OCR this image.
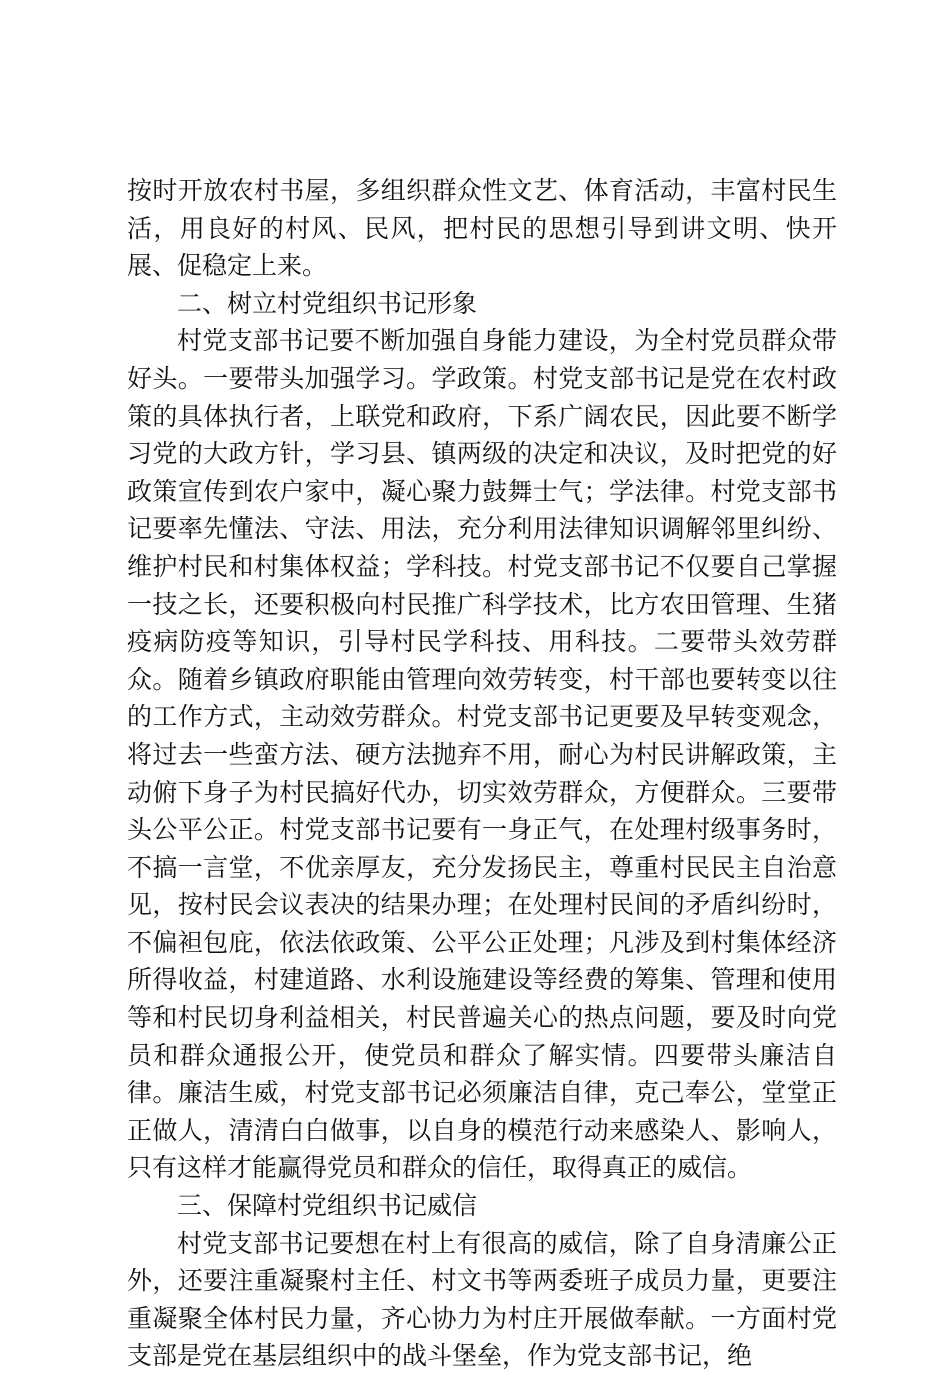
按时开放农村书屋，多组织群众性文艺、体育活动，丰富村民生活，用良好的村风、民风，把村民的思想引导到讲文明、快开展、促稳定上来。

二、树立村党组织书记形象

村党支部书记要不断加强自身能力建设，为全村党员群众带好头。一要带头加强学习。学政策。村党支部书记是党在农村政策的具体执行者，上联党和政府，下系广阔农民，因此要不断学习党的大政方针，学习县、镇两级的决定和决议，及时把党的好政策宣传到农户家中，凝心聚力鼓舞士气；学法律。村党支部书记要率先懂法、守法、用法，充分利用法律知识调解邻里纠纷、维护村民和村集体权益；学科技。村党支部书记不仅要自己掌握一技之长，还要积极向村民推广科学技术，比方农田管理、生猪疫病防疫等知识，引导村民学科技、用科技。二要带头效劳群众。随着乡镇政府职能由管理向效劳转变，村干部也要转变以往的工作方式，主动效劳群众。村党支部书记更要及早转变观念，将过去一些蛮方法、硬方法抛弃不用，耐心为村民讲解政策，主动俯下身子为村民搞好代办，切实效劳群众，方便群众。三要带头公平公正。村党支部书记要有一身正气，在处理村级事务时，不搞一言堂，不优亲厚友，充分发扬民主，尊重村民民主自治意见，按村民会议表决的结果办理；在处理村民间的矛盾纠纷时，不偏袒包庇，依法依政策、公平公正处理；凡涉及到村集体经济所得收益，村建道路、水利设施建设等经费的筹集、管理和使用等和村民切身利益相关，村民普遍关心的热点问题，要及时向党员和群众通报公开，使党员和群众了解实情。四要带头廉洁自律。廉洁生威，村党支部书记必须廉洁自律，克己奉公，堂堂正正做人，清清白白做事，以自身的模范行动来感染人、影响人，只有这样才能赢得党员和群众的信任，取得真正的威信。

三、保障村党组织书记威信

村党支部书记要想在村上有很高的威信，除了自身清廉公正外，还要注重凝聚村主任、村文书等两委班子成员力量，更要注重凝聚全体村民力量，齐心协力为村庄开展做奉献。一方面村党支部是党在基层组织中的战斗堡垒，作为党支部书记，绝
